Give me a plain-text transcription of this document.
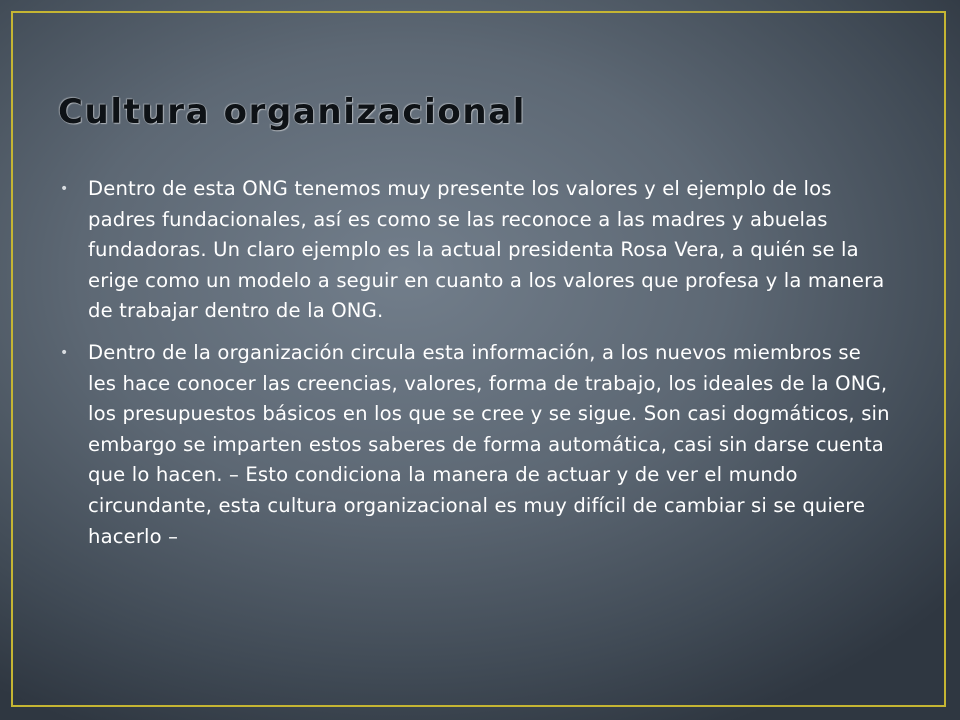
Cultura organizacional
• Dentro de esta ONG tenemos muy presente los valores y el ejemplo de los padres fundacionales, así es como se las reconoce a las madres y abuelas fundadoras. Un claro ejemplo es la actual presidenta Rosa Vera, a quién se la erige como un modelo a seguir en cuanto a los valores que profesa y la manera de trabajar dentro de la ONG.
• Dentro de la organización circula esta información, a los nuevos miembros se les hace conocer las creencias, valores, forma de trabajo, los ideales de la ONG, los presupuestos básicos en los que se cree y se sigue. Son casi dogmáticos, sin embargo se imparten estos saberes de forma automática, casi sin darse cuenta que lo hacen. – Esto condiciona la manera de actuar y de ver el mundo circundante, esta cultura organizacional es muy difícil de cambiar si se quiere hacerlo –
